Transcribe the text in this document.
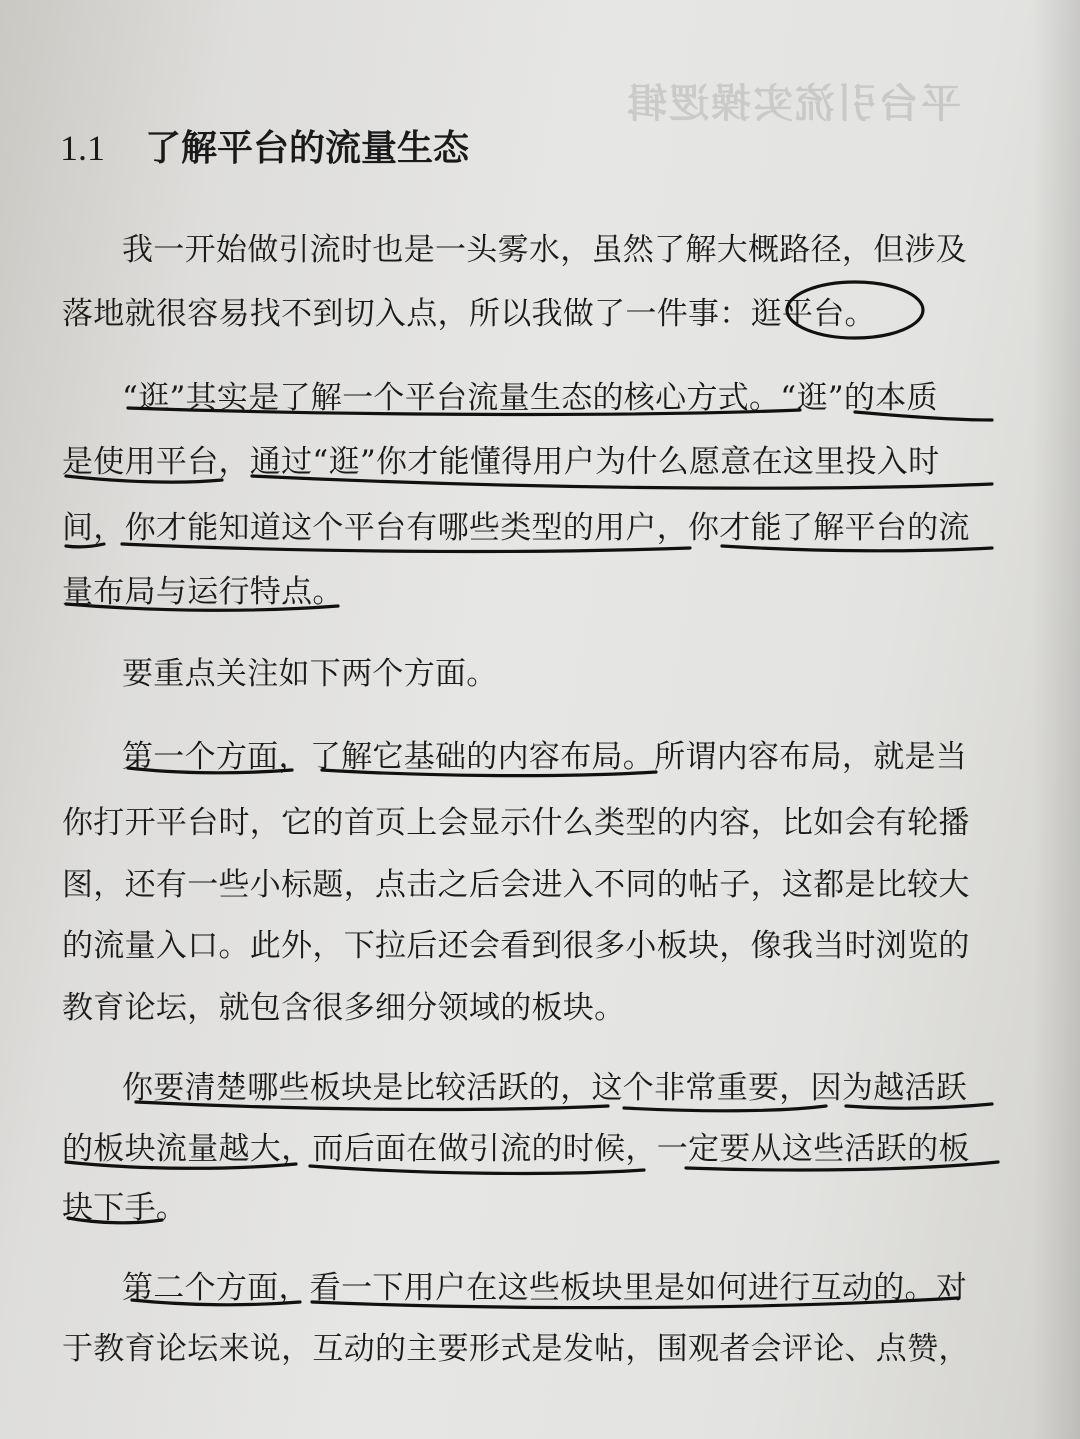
平台引流实操逻辑
1.1 了解平台的流量生态
我一开始做引流时也是一头雾水，虽然了解大概路径，但涉及
落地就很容易找不到切入点，所以我做了一件事：逛平台。
“逛”其实是了解一个平台流量生态的核心方式。“逛”的本质
是使用平台，通过“逛”你才能懂得用户为什么愿意在这里投入时
间，你才能知道这个平台有哪些类型的用户，你才能了解平台的流
量布局与运行特点。
要重点关注如下两个方面。
第一个方面，了解它基础的内容布局。所谓内容布局，就是当
你打开平台时，它的首页上会显示什么类型的内容，比如会有轮播
图，还有一些小标题，点击之后会进入不同的帖子，这都是比较大
的流量入口。此外，下拉后还会看到很多小板块，像我当时浏览的
教育论坛，就包含很多细分领域的板块。
你要清楚哪些板块是比较活跃的，这个非常重要，因为越活跃
的板块流量越大，而后面在做引流的时候，一定要从这些活跃的板
块下手。
第二个方面，看一下用户在这些板块里是如何进行互动的。对
于教育论坛来说，互动的主要形式是发帖，围观者会评论、点赞，
